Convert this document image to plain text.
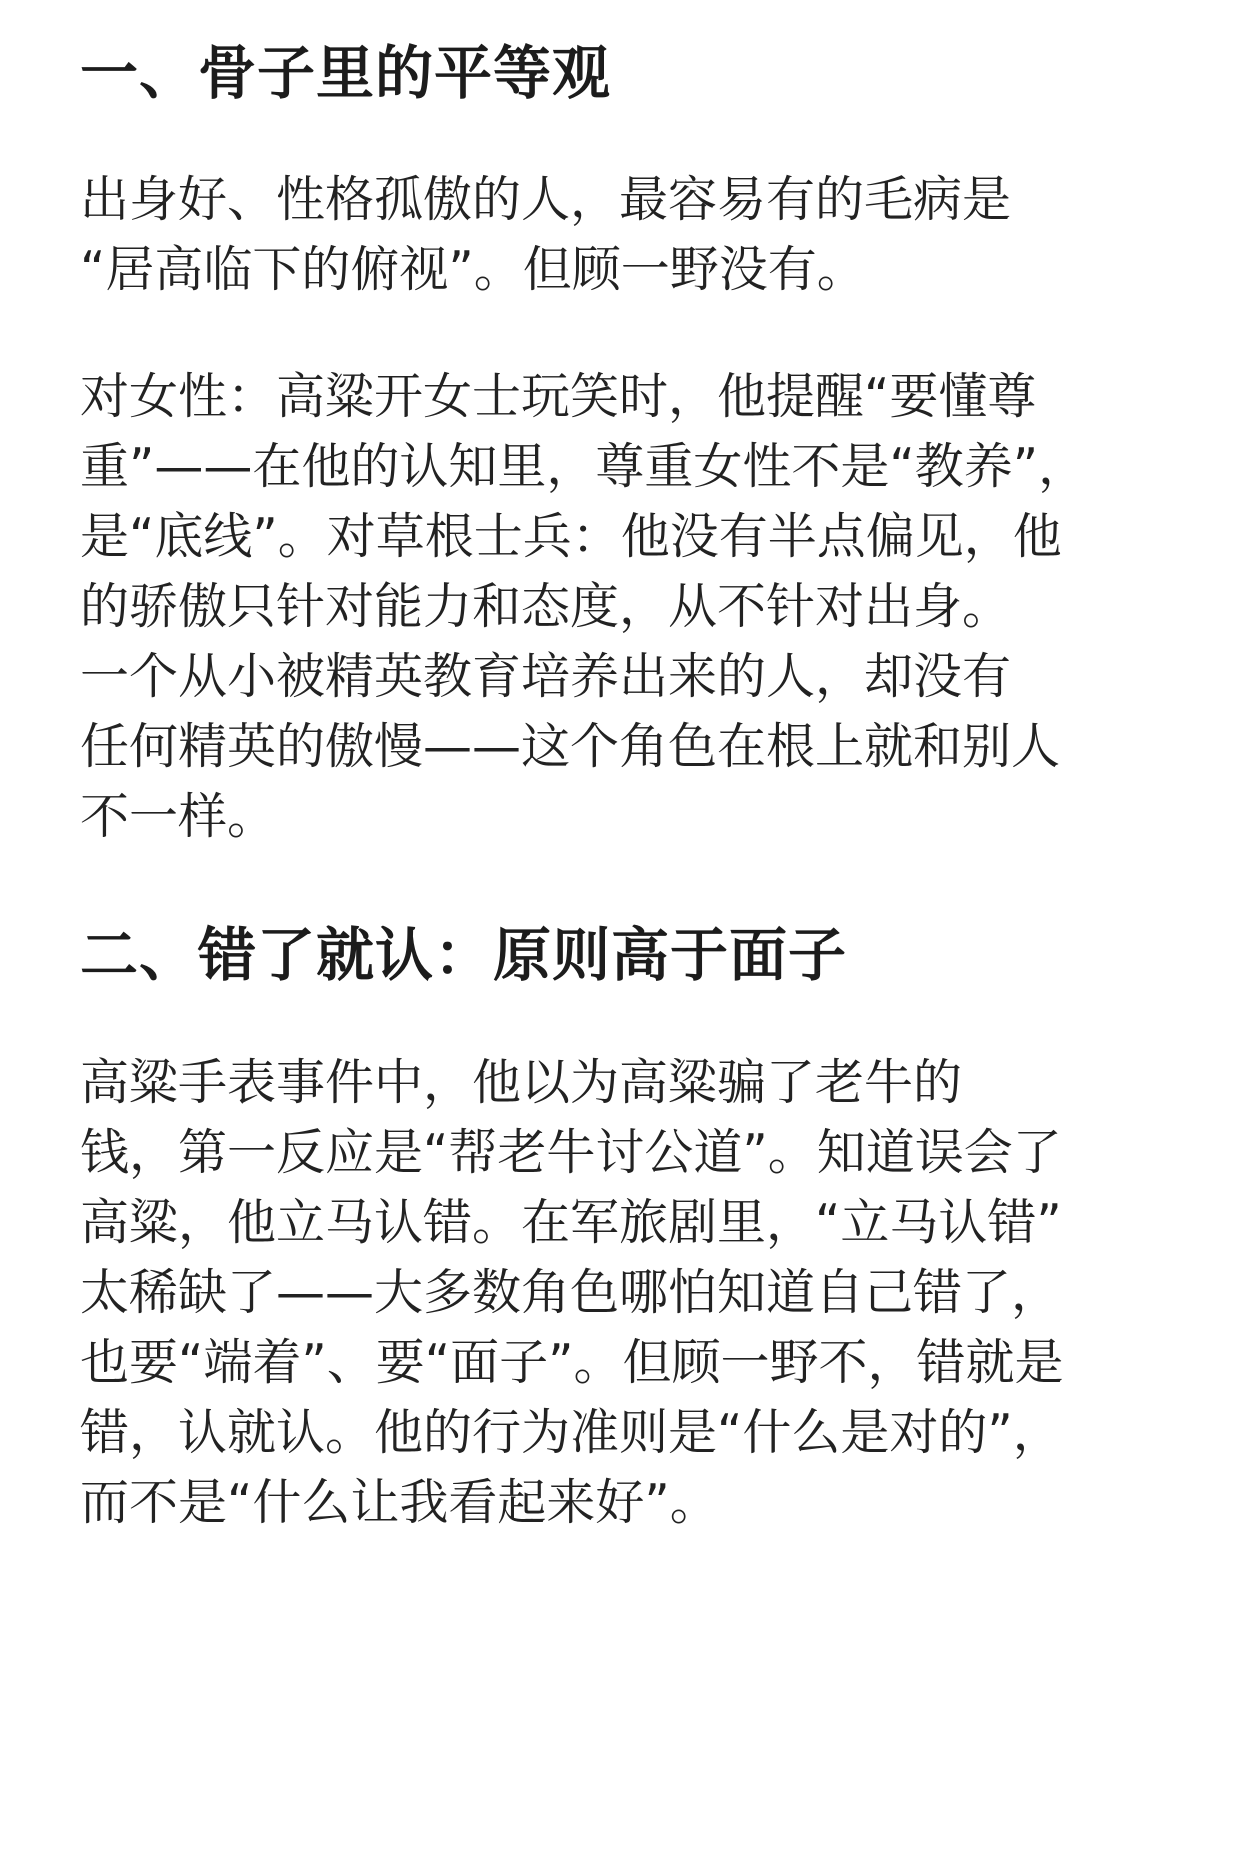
一、骨子里的平等观

出身好、性格孤傲的人，最容易有的毛病是

“居高临下的俯视”。但顾一野没有。

对女性：高粱开女士玩笑时，他提醒“要懂尊

重”——在他的认知里，尊重女性不是“教养”，

是“底线”。对草根士兵：他没有半点偏见，他

的骄傲只针对能力和态度，从不针对出身。

一个从小被精英教育培养出来的人，却没有

任何精英的傲慢——这个角色在根上就和别人

不一样。

二、错了就认：原则高于面子

高粱手表事件中，他以为高粱骗了老牛的

钱，第一反应是“帮老牛讨公道”。知道误会了

高粱，他立马认错。在军旅剧里，“立马认错”

太稀缺了——大多数角色哪怕知道自己错了，

也要“端着”、要“面子”。但顾一野不，错就是

错，认就认。他的行为准则是“什么是对的”，

而不是“什么让我看起来好”。
